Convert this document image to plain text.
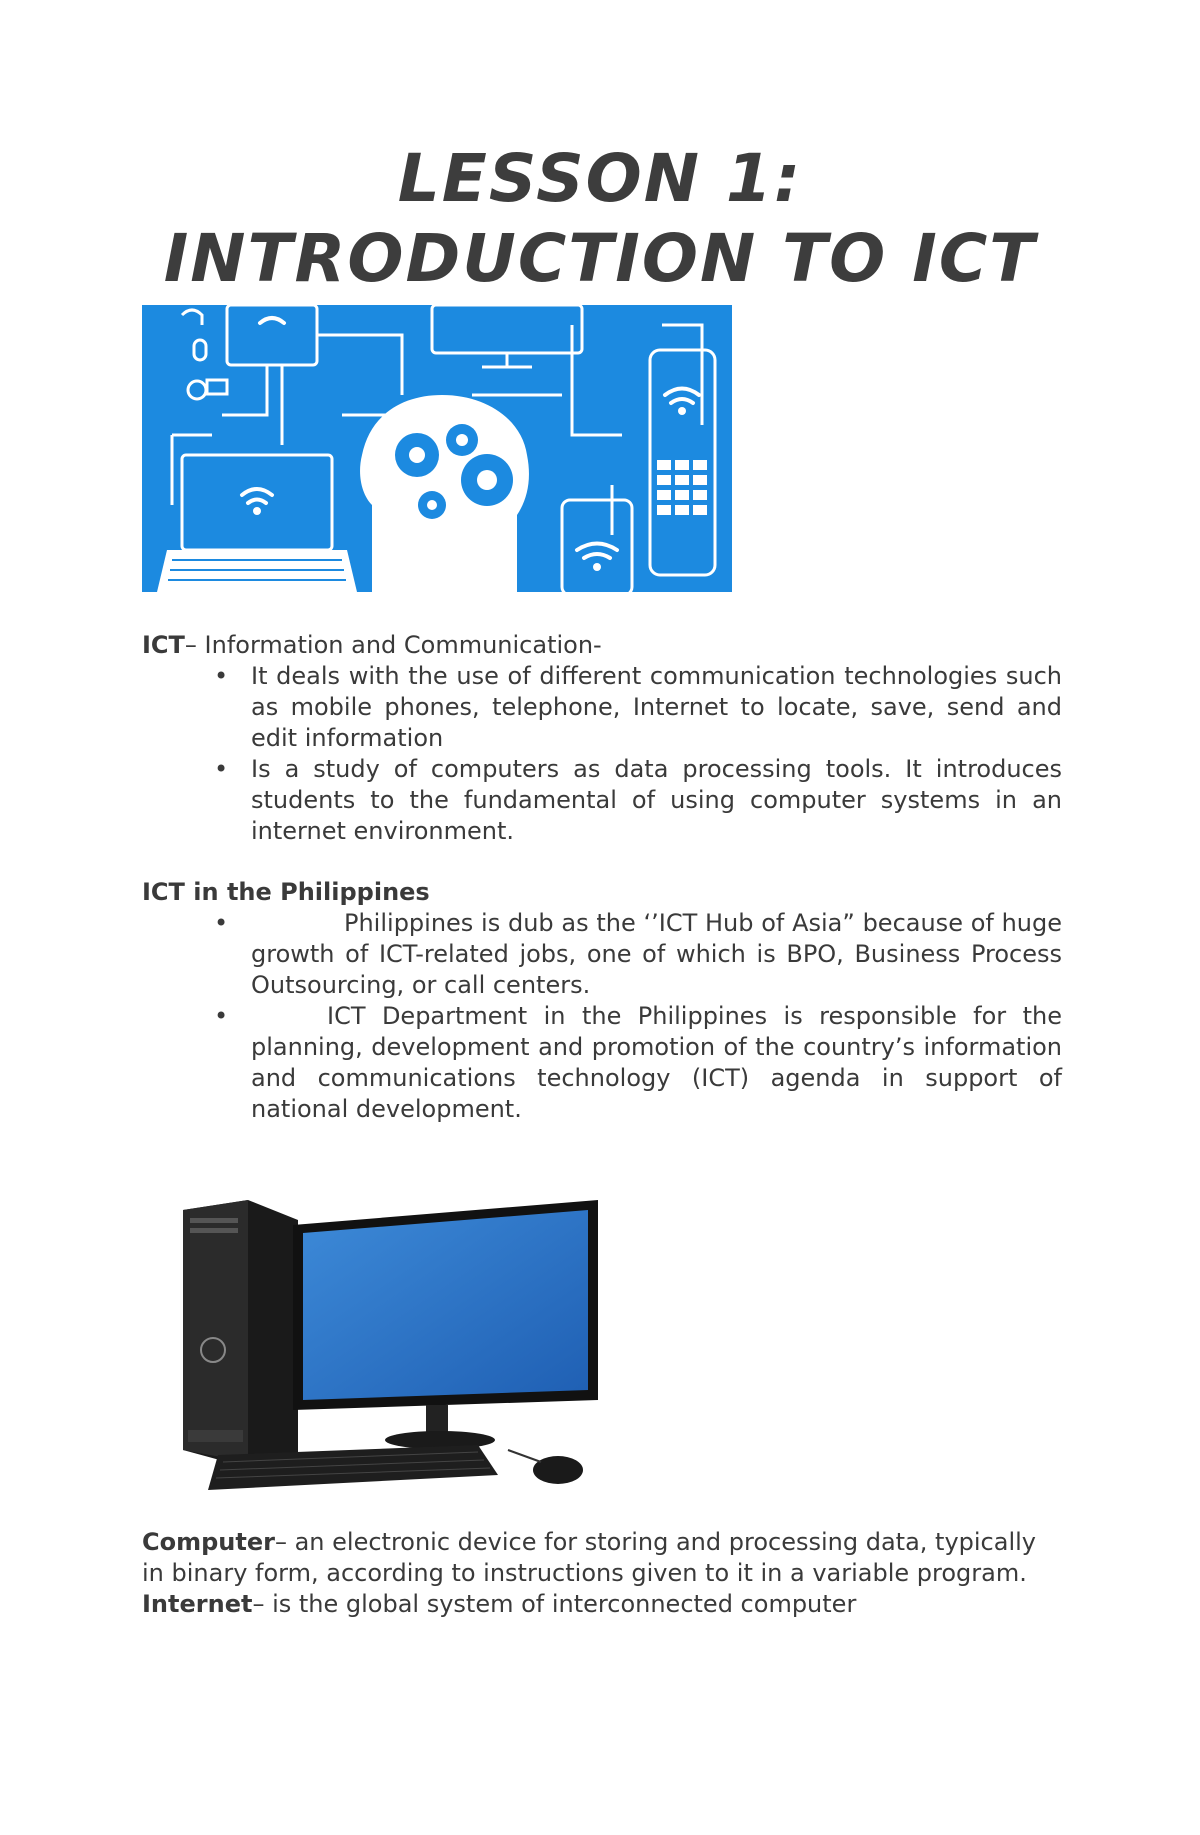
LESSON 1:
INTRODUCTION TO ICT

ICT– Information and Communication-

• It deals with the use of different communication technologies such as mobile phones, telephone, Internet to locate, save, send and edit information
• Is a study of computers as data processing tools. It introduces students to the fundamental of using computer systems in an internet environment.

ICT in the Philippines

•	Philippines is dub as the ‘’ICT Hub of Asia” because of huge growth of ICT-related jobs, one of which is BPO, Business Process Outsourcing, or call centers.
•	ICT Department in the Philippines is responsible for the planning, development and promotion of the country’s information and communications technology (ICT) agenda in support of national development.

Computer– an electronic device for storing and processing data, typically in binary form, according to instructions given to it in a variable program.

Internet– is the global system of interconnected computer
